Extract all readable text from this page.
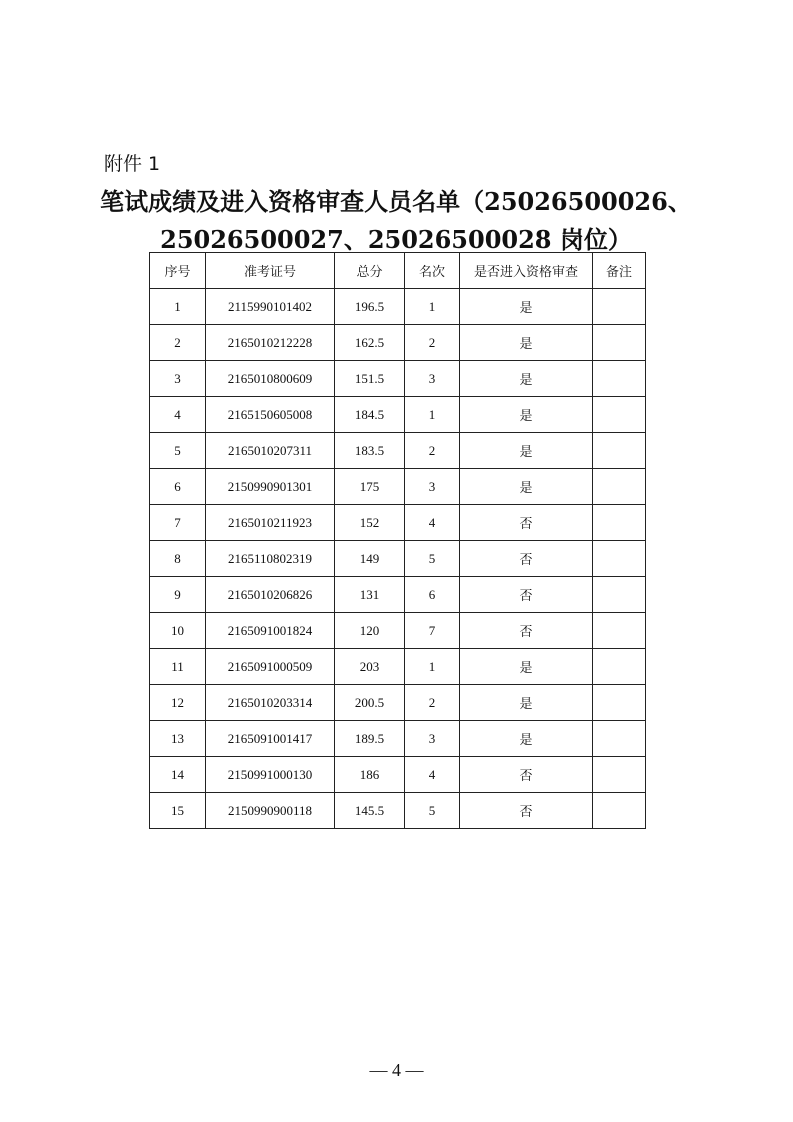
附件 1
笔试成绩及进入资格审查人员名单（25026500026、
25026500027、25026500028 岗位）
序号	准考证号	总分	名次	是否进入资格审查	备注
1	2115990101402	196.5	1	是	
2	2165010212228	162.5	2	是	
3	2165010800609	151.5	3	是	
4	2165150605008	184.5	1	是	
5	2165010207311	183.5	2	是	
6	2150990901301	175	3	是	
7	2165010211923	152	4	否	
8	2165110802319	149	5	否	
9	2165010206826	131	6	否	
10	2165091001824	120	7	否	
11	2165091000509	203	1	是	
12	2165010203314	200.5	2	是	
13	2165091001417	189.5	3	是	
14	2150991000130	186	4	否	
15	2150990900118	145.5	5	否	
— 4 —
